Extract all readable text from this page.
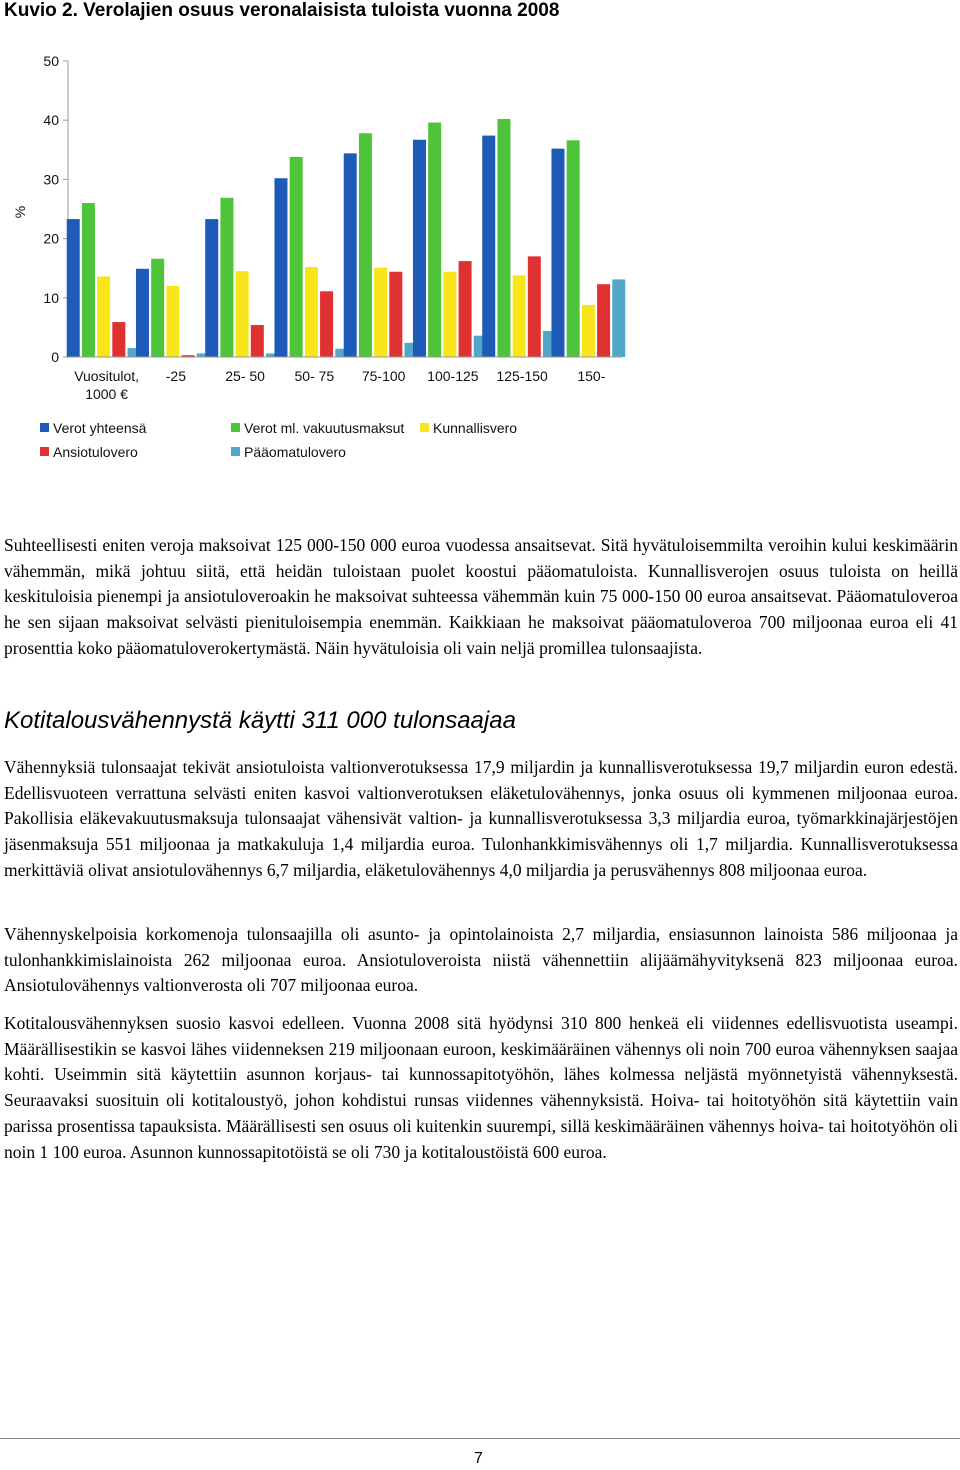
Kuvio 2. Verolajien osuus veronalaisista tuloista vuonna 2008
0
10
20
30
40
50
%
Vuositulot,
1000 €
-25	25- 50 50- 75 75-100 100-125 125-150 150-
Verot yhteensä	Verot ml. vakuutusmaksut Kunnallisvero
Ansiotulovero	Pääomatulovero

Suhteellisesti eniten veroja maksoivat 125 000-150 000 euroa vuodessa ansaitsevat. Sitä hyvätuloisemmilta veroihin kului keskimäärin vähemmän, mikä johtuu siitä, että heidän tuloistaan puolet koostui pääomatuloista. Kunnallisverojen osuus tuloista on heillä keskituloisia pienempi ja ansiotuloveroakin he maksoivat suhteessa vähemmän kuin 75 000-150 00 euroa ansaitsevat. Pääomatuloveroa he sen sijaan maksoivat selvästi pienituloisempia enemmän. Kaikkiaan he maksoivat pääomatuloveroa 700 miljoonaa euroa eli 41 prosenttia koko pääomatuloverokertymästä. Näin hyvätuloisia oli vain neljä promillea tulonsaajista.

Kotitalousvähennystä käytti 311 000 tulonsaajaa

Vähennyksiä tulonsaajat tekivät ansiotuloista valtionverotuksessa 17,9 miljardin ja kunnallisverotuksessa 19,7 miljardin euron edestä. Edellisvuoteen verrattuna selvästi eniten kasvoi valtionverotuksen eläketulovähennys, jonka osuus oli kymmenen miljoonaa euroa. Pakollisia eläkevakuutusmaksuja tulonsaajat vähensivät valtion- ja kunnallisverotuksessa 3,3 miljardia euroa, työmarkkinajärjestöjen jäsenmaksuja 551 miljoonaa ja matkakuluja 1,4 miljardia euroa. Tulonhankkimisvähennys oli 1,7 miljardia. Kunnallisverotuksessa merkittäviä olivat ansiotulovähennys 6,7 miljardia, eläketulovähennys 4,0 miljardia ja perusvähennys 808 miljoonaa euroa.

Vähennyskelpoisia korkomenoja tulonsaajilla oli asunto- ja opintolainoista 2,7 miljardia, ensiasunnon lainoista 586 miljoonaa ja tulonhankkimislainoista 262 miljoonaa euroa. Ansiotuloveroista niistä vähennettiin alijäämähyvityksenä 823 miljoonaa euroa. Ansiotulovähennys valtionverosta oli 707 miljoonaa euroa.

Kotitalousvähennyksen suosio kasvoi edelleen. Vuonna 2008 sitä hyödynsi 310 800 henkeä eli viidennes edellisvuotista useampi. Määrällisestikin se kasvoi lähes viidenneksen 219 miljoonaan euroon, keskimääräinen vähennys oli noin 700 euroa vähennyksen saajaa kohti. Useimmin sitä käytettiin asunnon korjaus- tai kunnossapitotyöhön, lähes kolmessa neljästä myönnetyistä vähennyksestä. Seuraavaksi suosituin oli kotitaloustyö, johon kohdistui runsas viidennes vähennyksistä. Hoiva- tai hoitotyöhön sitä käytettiin vain parissa prosentissa tapauksista. Määrällisesti sen osuus oli kuitenkin suurempi, sillä keskimääräinen vähennys hoiva- tai hoitotyöhön oli noin 1 100 euroa. Asunnon kunnossapitotöistä se oli 730 ja kotitaloustöistä 600 euroa.

7
